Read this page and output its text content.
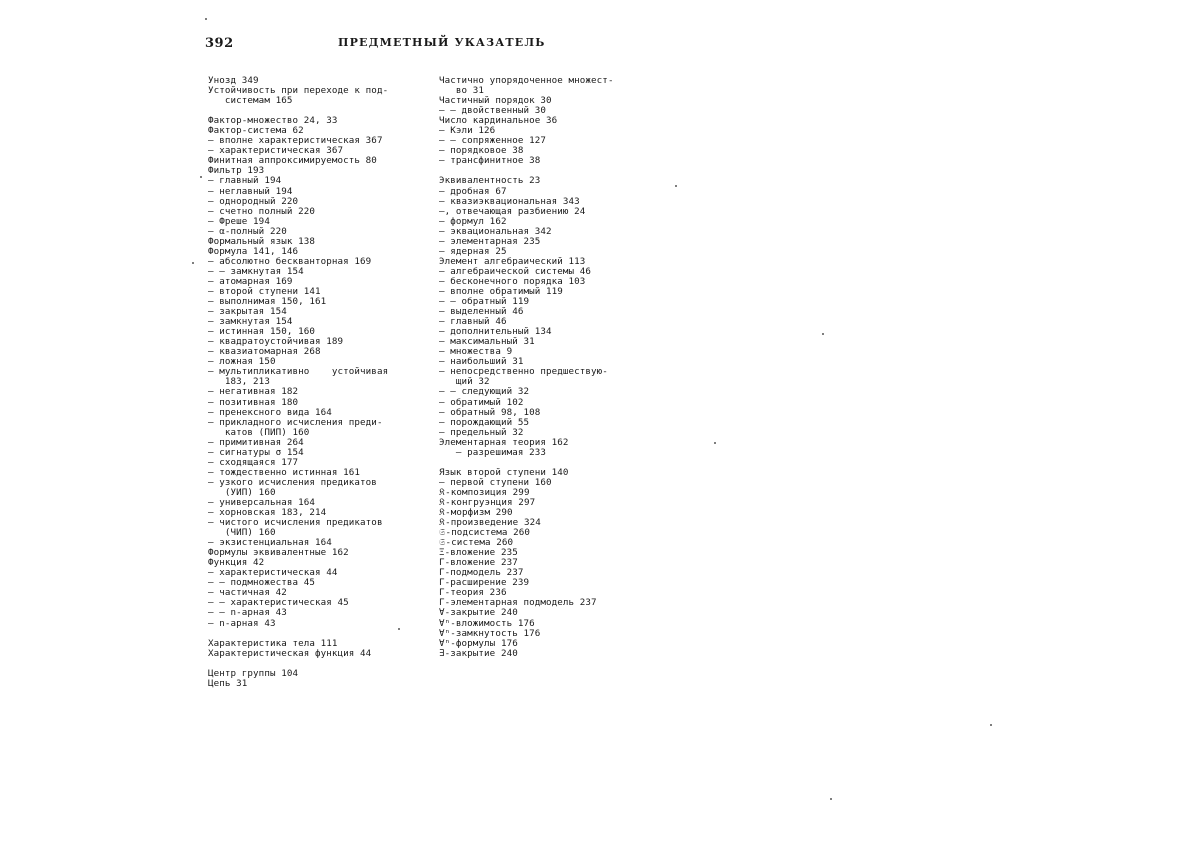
392	ПРЕДМЕТНЫЙ УКАЗАТЕЛЬ
Унозд 349
Устойчивость при переходе к под-
системам 165
Фактор-множество 24, 33
Фактор-система 62
— вполне характеристическая 367
— характеристическая 367
Финитная аппроксимируемость 80
Фильтр 193
— главный 194
— неглавный 194
— однородный 220
— счетно полный 220
— Фреше 194
— α-полный 220
Формальный язык 138
Формула 141, 146
— абсолютно бескванторная 169
— — замкнутая 154
— атомарная 169
— второй ступени 141
— выполнимая 150, 161
— закрытая 154
— замкнутая 154
— истинная 150, 160
— квадратоустойчивая 189
— квазиатомарная 268
— ложная 150
— мультипликативно    устойчивая
183, 213
— негативная 182
— позитивная 180
— пренексного вида 164
— прикладного исчисления преди-
катов (ПИП) 160
— примитивная 264
— сигнатуры σ 154
— сходящаяся 177
— тождественно истинная 161
— узкого исчисления предикатов
(УИП) 160
— универсальная 164
— хорновская 183, 214
— чистого исчисления предикатов
(ЧИП) 160
— экзистенциальная 164
Формулы эквивалентные 162
Функция 42
— характеристическая 44
— — подмножества 45
— частичная 42
— — характеристическая 45
— — n-арная 43
— n-арная 43
Характеристика тела 111
Характеристическая функция 44
Центр группы 104
Цепь 31
Частично упорядоченное множест-
во 31
Частичный порядок 30
— — двойственный 30
Число кардинальное 36
— Кэли 126
— — сопряженное 127
— порядковое 38
— трансфинитное 38
Эквивалентность 23
— дробная 67
— квазиэквациональная 343
—, отвечающая разбиению 24
— формул 162
— эквациональная 342
— элементарная 235
— ядерная 25
Элемент алгебраический 113
— алгебраической системы 46
— бесконечного порядка 103
— вполне обратимый 119
— — обратный 119
— выделенный 46
— главный 46
— дополнительный 134
— максимальный 31
— множества 9
— наибольший 31
— непосредственно предшествую-
щий 32
— — следующий 32
— обратимый 102
— обратный 98, 108
— порождающий 55
— предельный 32
Элементарная теория 162
— разрешимая 233
Язык второй ступени 140
— первой ступени 160
𝔎-композиция 299
𝔎-конгруэнция 297
𝔎-морфизм 290
𝔎-произведение 324
𝔖-подсистема 260
𝔖-система 260
Ξ-вложение 235
Γ-вложение 237
Γ-подмодель 237
Γ-расширение 239
Γ-теория 236
Γ-элементарная подмодель 237
∀-закрытие 240
∀ⁿ-вложимость 176
∀ⁿ-замкнутость 176
∀ⁿ-формулы 176
∃-закрытие 240
